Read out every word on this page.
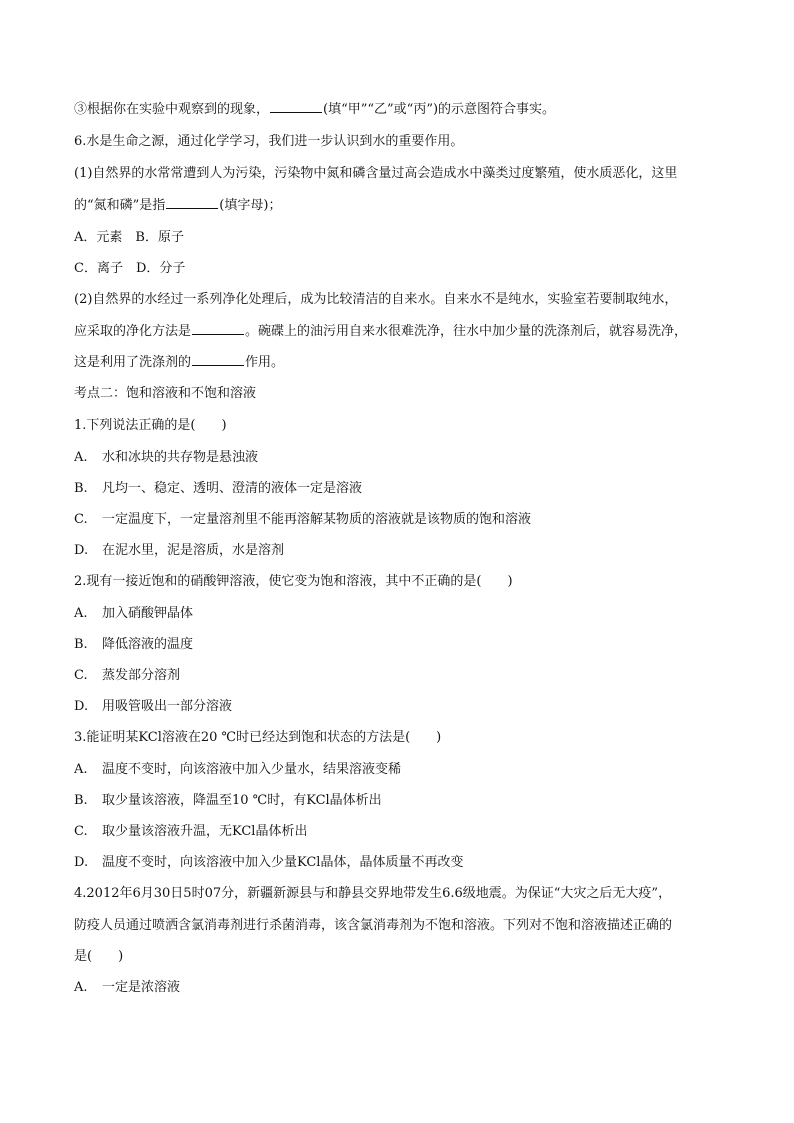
③根据你在实验中观察到的现象，	(填“甲”“乙”或“丙”)的示意图符合事实。
6.水是生命之源，通过化学学习，我们进一步认识到水的重要作用。
(1)自然界的水常常遭到人为污染，污染物中氮和磷含量过高会造成水中藻类过度繁殖，使水质恶化，这里
的“氮和磷”是指	(填字母)；
A．元素　B．原子
C．离子　D．分子
(2)自然界的水经过一系列净化处理后，成为比较清洁的自来水。自来水不是纯水，实验室若要制取纯水，
应采取的净化方法是	。碗碟上的油污用自来水很难洗净，往水中加少量的洗涤剂后，就容易洗净，
这是利用了洗涤剂的	作用。
考点二：饱和溶液和不饱和溶液
1.下列说法正确的是(　　)
A. 水和冰块的共存物是悬浊液
B. 凡均一、稳定、透明、澄清的液体一定是溶液
C. 一定温度下，一定量溶剂里不能再溶解某物质的溶液就是该物质的饱和溶液
D. 在泥水里，泥是溶质，水是溶剂
2.现有一接近饱和的硝酸钾溶液，使它变为饱和溶液，其中不正确的是(　　)
A. 加入硝酸钾晶体
B. 降低溶液的温度
C. 蒸发部分溶剂
D. 用吸管吸出一部分溶液
3.能证明某KCl溶液在20 ℃时已经达到饱和状态的方法是(　　)
A. 温度不变时，向该溶液中加入少量水，结果溶液变稀
B. 取少量该溶液，降温至10 ℃时，有KCl晶体析出
C. 取少量该溶液升温，无KCl晶体析出
D. 温度不变时，向该溶液中加入少量KCl晶体，晶体质量不再改变
4.2012年6月30日5时07分，新疆新源县与和静县交界地带发生6.6级地震。为保证“大灾之后无大疫”，
防疫人员通过喷洒含氯消毒剂进行杀菌消毒，该含氯消毒剂为不饱和溶液。下列对不饱和溶液描述正确的
是(　　)
A. 一定是浓溶液
